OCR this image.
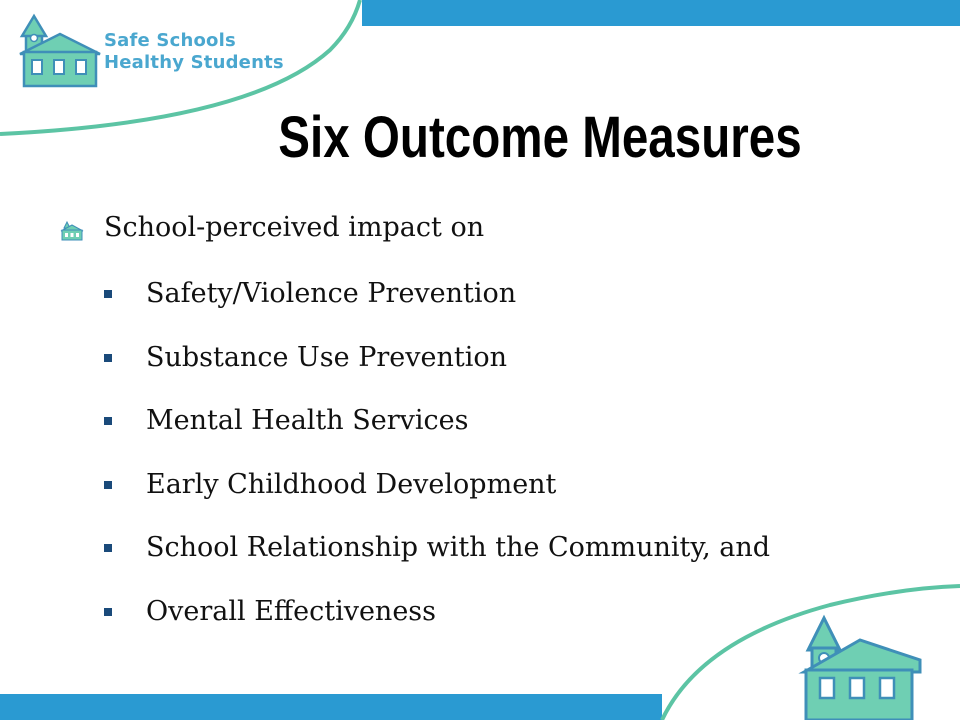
Safe Schools
Healthy Students
Six Outcome Measures
School-perceived impact on
Safety/Violence Prevention
Substance Use Prevention
Mental Health Services
Early Childhood Development
School Relationship with the Community, and
Overall Effectiveness
